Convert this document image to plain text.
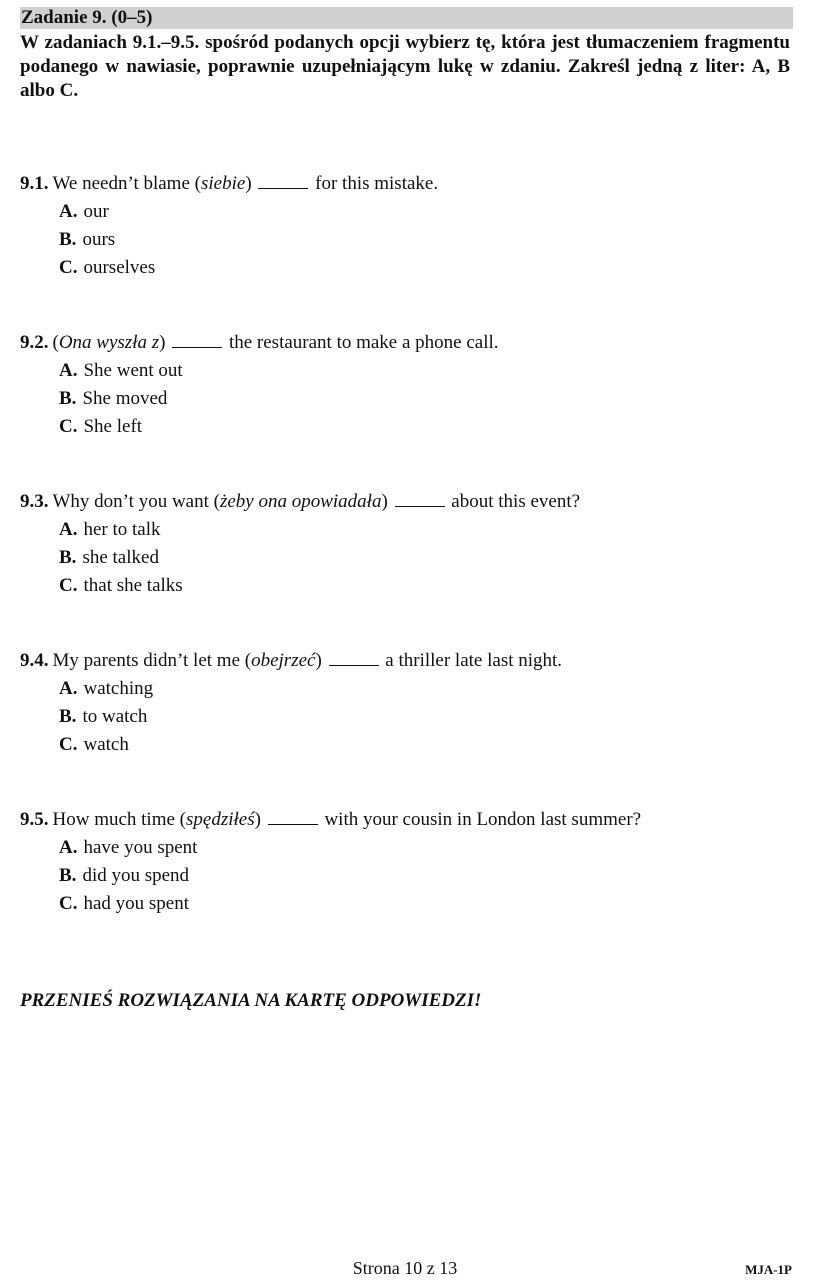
Zadanie 9. (0–5)
W zadaniach 9.1.–9.5. spośród podanych opcji wybierz tę, która jest tłumaczeniem fragmentu podanego w nawiasie, poprawnie uzupełniającym lukę w zdaniu. Zakreśl jedną z liter: A, B albo C.
9.1. We needn’t blame (siebie)	for this mistake.
A. our
B. ours
C. ourselves
9.2. (Ona wyszła z)	the restaurant to make a phone call.
A. She went out
B. She moved
C. She left
9.3. Why don’t you want (żeby ona opowiadała)	about this event?
A. her to talk
B. she talked
C. that she talks
9.4. My parents didn’t let me (obejrzeć)	a thriller late last night.
A. watching
B. to watch
C. watch
9.5. How much time (spędziłeś)	with your cousin in London last summer?
A. have you spent
B. did you spend
C. had you spent
PRZENIEŚ ROZWIĄZANIA NA KARTĘ ODPOWIEDZI!
Strona 10 z 13	MJA-1P
